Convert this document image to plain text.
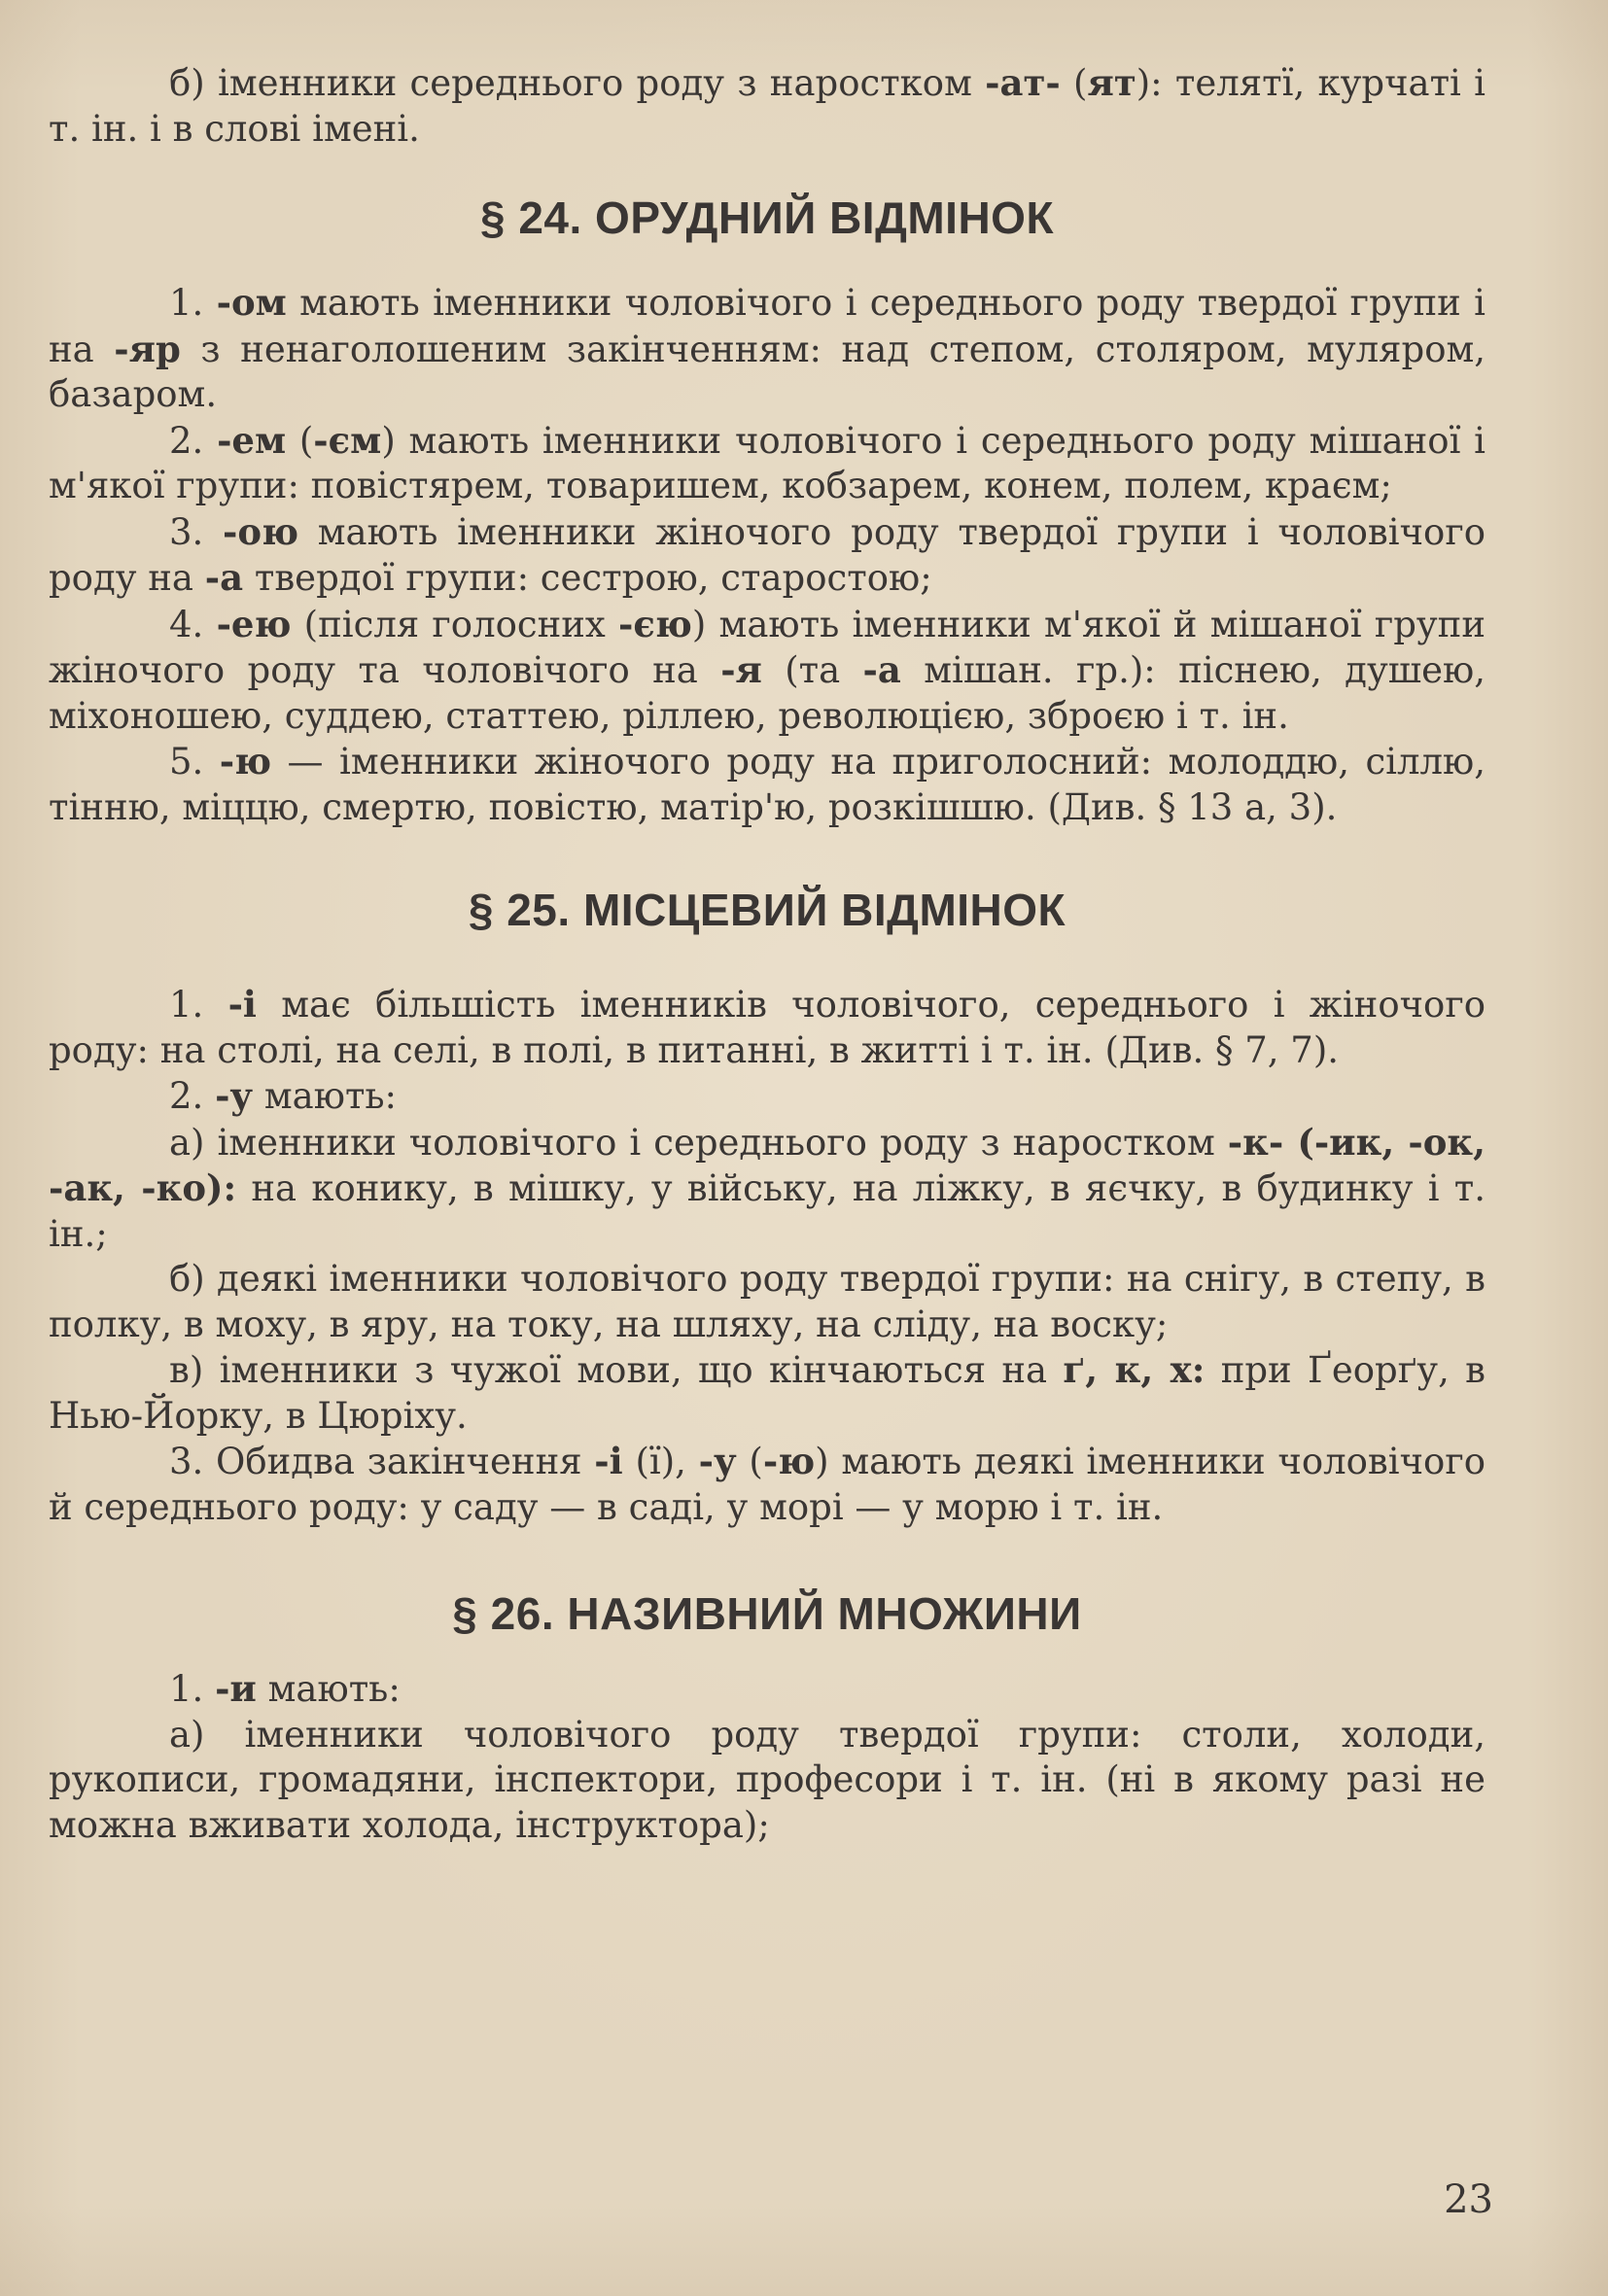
б) іменники середнього роду з наростком -ат- (ят): телятї, курчаті і т. ін. і в слові імені.

§ 24. ОРУДНИЙ ВІДМІНОК

1. -ом мають іменники чоловічого і середнього роду твердої групи і на -яр з ненаголошеним закінченням: над степом, столяром, муляром, базаром.

2. -ем (-єм) мають іменники чоловічого і середнього роду мішаної і м'якої групи: повістярем, товаришем, кобзарем, конем, полем, краєм;

3. -ою мають іменники жіночого роду твердої групи і чоловічого роду на -а твердої групи: сестрою, старостою;

4. -ею (після голосних -єю) мають іменники м'якої й мішаної групи жіночого роду та чоловічого на -я (та -а мішан. гр.): піснею, душею, міхоношею, суддею, статтею, ріллею, революцією, зброєю і т. ін.

5. -ю — іменники жіночого роду на приголосний: молоддю, сіллю, тінню, міццю, смертю, повістю, матір'ю, розкішшю. (Див. § 13 а, 3).

§ 25. МІСЦЕВИЙ ВІДМІНОК

1. -і має більшість іменників чоловічого, середнього і жіночого роду: на столі, на селі, в полі, в питанні, в житті і т. ін. (Див. § 7, 7).

2. -у мають:

а) іменники чоловічого і середнього роду з наростком -к- (-ик, -ок, -ак, -ко): на конику, в мішку, у війську, на ліжку, в яєчку, в будинку і т. ін.;

б) деякі іменники чоловічого роду твердої групи: на снігу, в степу, в полку, в моху, в яру, на току, на шляху, на сліду, на воску;

в) іменники з чужої мови, що кінчаються на ґ, к, х: при Ґеорґу, в Нью-Йорку, в Цюріху.

3. Обидва закінчення -і (ї), -у (-ю) мають деякі іменники чоловічого й середнього роду: у саду — в саді, у морі — у морю і т. ін.

§ 26. НАЗИВНИЙ МНОЖИНИ

1. -и мають:

а) іменники чоловічого роду твердої групи: столи, холоди, рукописи, громадяни, інспектори, професори і т. ін. (ні в якому разі не можна вживати холода, інструктора);

23
